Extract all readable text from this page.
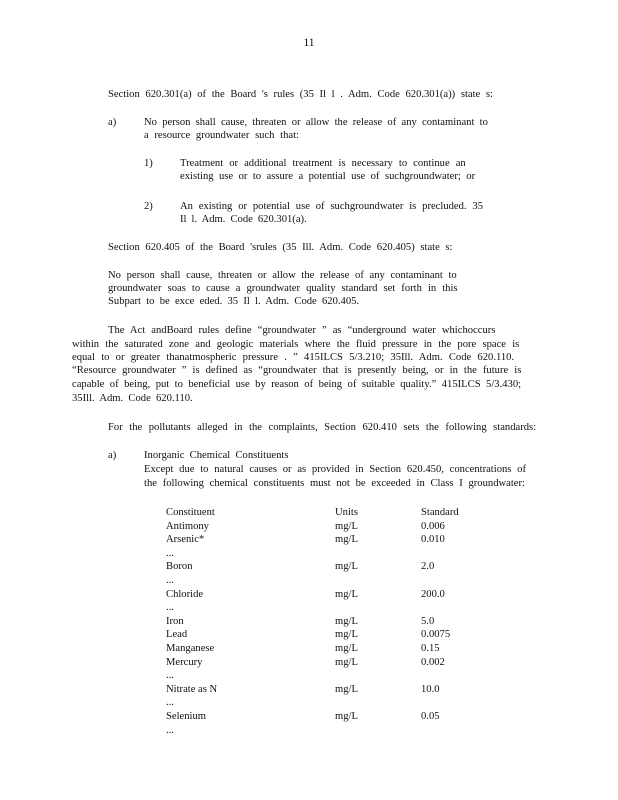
11
Section 620.301(a) of the Board 's rules (35 Il l . Adm. Code 620.301(a)) state s:
a)	No person shall cause, threaten or allow the release of any contaminant to
a resource groundwater such that:
1)	Treatment or additional treatment is necessary to continue an
existing use or to assure a potential use of suchgroundwater; or
2)	An existing or potential use of suchgroundwater is precluded. 35
Il l. Adm. Code 620.301(a).
Section 620.405 of the Board 'srules (35 Ill. Adm. Code 620.405) state s:
No person shall cause, threaten or allow the release of any contaminant to
groundwater soas to cause a groundwater quality standard set forth in this
Subpart to be exce eded. 35 Il l. Adm. Code 620.405.
The Act andBoard rules define “groundwater ” as “underground water whichoccurs
within the saturated zone and geologic materials where the fluid pressure in the pore space is
equal to or greater thanatmospheric pressure . ” 415ILCS 5/3.210; 35Ill. Adm. Code 620.110.
“Resource groundwater ” is defined as “groundwater that is presently being, or in the future is
capable of being, put to beneficial use by reason of being of suitable quality.” 415ILCS 5/3.430;
35Ill. Adm. Code 620.110.
For the pollutants alleged in the complaints, Section 620.410 sets the following standards:
a)	Inorganic Chemical Constituents
Except due to natural causes or as provided in Section 620.450, concentrations of
the following chemical constituents must not be exceeded in Class I groundwater:
Constituent	Units	Standard
Antimony	mg/L	0.006
Arsenic*	mg/L	0.010
...		
Boron	mg/L	2.0
...		
Chloride	mg/L	200.0
...		
Iron	mg/L	5.0
Lead	mg/L	0.0075
Manganese	mg/L	0.15
Mercury	mg/L	0.002
...		
Nitrate as N	mg/L	10.0
...		
Selenium	mg/L	0.05
...		
